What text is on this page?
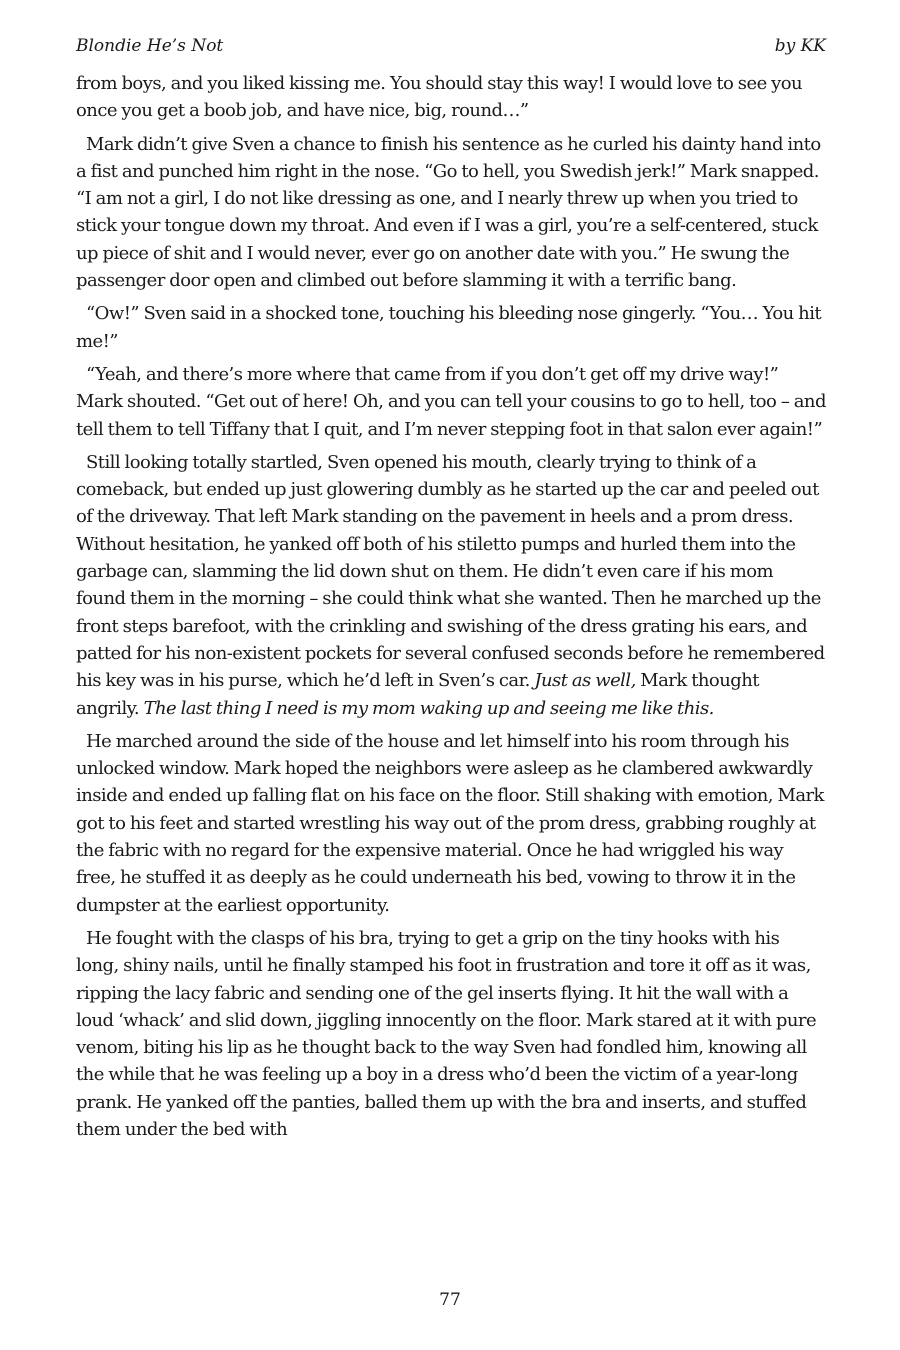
Blondie He’s Not	by KK

from boys, and you liked kissing me. You should stay this way! I would love to see you once you get a boob job, and have nice, big, round…”

Mark didn’t give Sven a chance to finish his sentence as he curled his dainty hand into a fist and punched him right in the nose. “Go to hell, you Swedish jerk!” Mark snapped. “I am not a girl, I do not like dressing as one, and I nearly threw up when you tried to stick your tongue down my throat. And even if I was a girl, you’re a self-centered, stuck up piece of shit and I would never, ever go on another date with you.” He swung the passenger door open and climbed out before slamming it with a terrific bang.

“Ow!” Sven said in a shocked tone, touching his bleeding nose gingerly. “You… You hit me!”

“Yeah, and there’s more where that came from if you don’t get off my drive way!” Mark shouted. “Get out of here! Oh, and you can tell your cousins to go to hell, too – and tell them to tell Tiffany that I quit, and I’m never stepping foot in that salon ever again!”

Still looking totally startled, Sven opened his mouth, clearly trying to think of a comeback, but ended up just glowering dumbly as he started up the car and peeled out of the driveway. That left Mark standing on the pavement in heels and a prom dress. Without hesitation, he yanked off both of his stiletto pumps and hurled them into the garbage can, slamming the lid down shut on them. He didn’t even care if his mom found them in the morning – she could think what she wanted. Then he marched up the front steps barefoot, with the crinkling and swishing of the dress grating his ears, and patted for his non-existent pockets for several confused seconds before he remembered his key was in his purse, which he’d left in Sven’s car. Just as well, Mark thought angrily. The last thing I need is my mom waking up and seeing me like this.

He marched around the side of the house and let himself into his room through his unlocked window. Mark hoped the neighbors were asleep as he clambered awkwardly inside and ended up falling flat on his face on the floor. Still shaking with emotion, Mark got to his feet and started wrestling his way out of the prom dress, grabbing roughly at the fabric with no regard for the expensive material. Once he had wriggled his way free, he stuffed it as deeply as he could underneath his bed, vowing to throw it in the dumpster at the earliest opportunity.

He fought with the clasps of his bra, trying to get a grip on the tiny hooks with his long, shiny nails, until he finally stamped his foot in frustration and tore it off as it was, ripping the lacy fabric and sending one of the gel inserts flying. It hit the wall with a loud ‘whack’ and slid down, jiggling innocently on the floor. Mark stared at it with pure venom, biting his lip as he thought back to the way Sven had fondled him, knowing all the while that he was feeling up a boy in a dress who’d been the victim of a year-long prank. He yanked off the panties, balled them up with the bra and inserts, and stuffed them under the bed with

77
